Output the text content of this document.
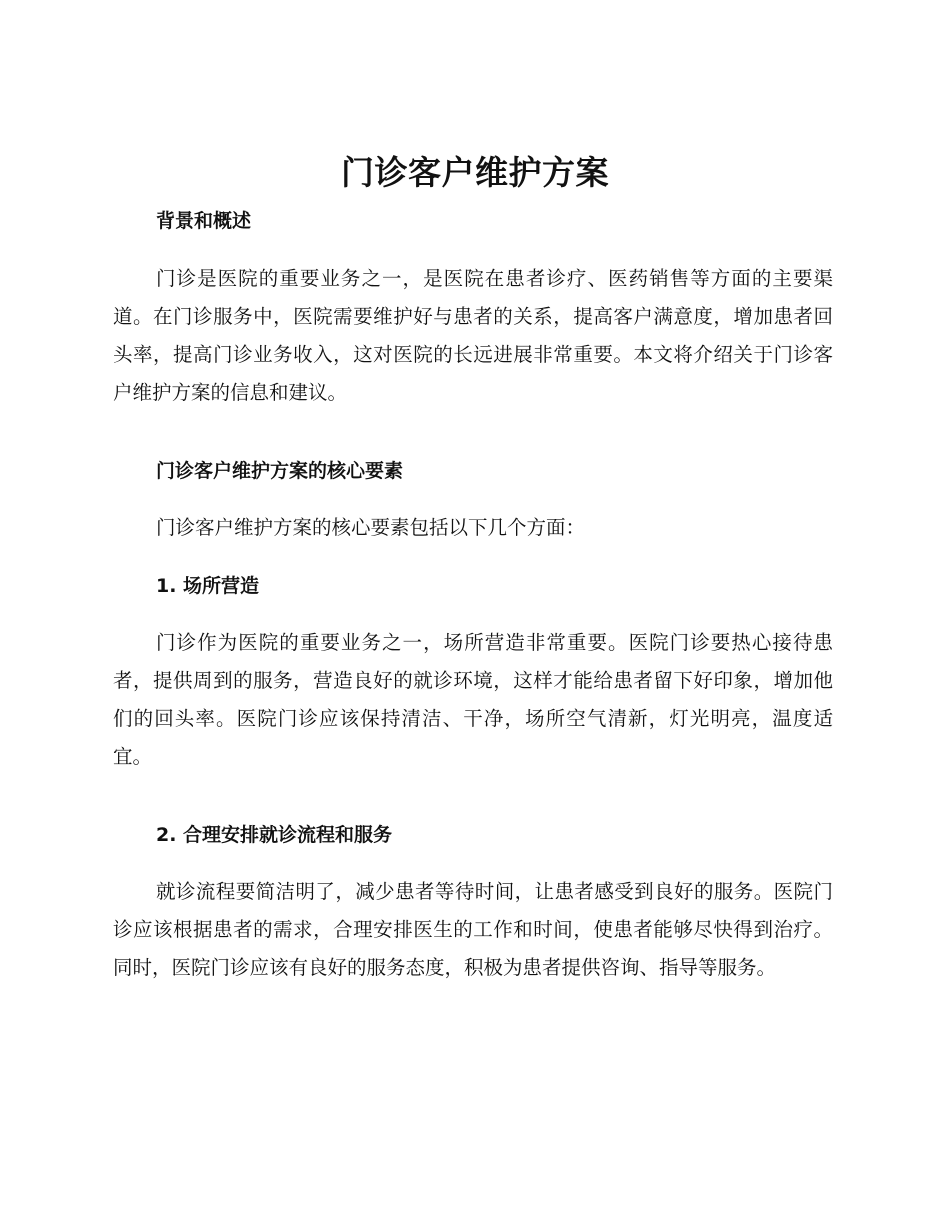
门诊客户维护方案
背景和概述

门诊是医院的重要业务之一，是医院在患者诊疗、医药销售等方面的主要渠道。在门诊服务中，医院需要维护好与患者的关系，提高客户满意度，增加患者回头率，提高门诊业务收入，这对医院的长远进展非常重要。本文将介绍关于门诊客户维护方案的信息和建议。

门诊客户维护方案的核心要素
门诊客户维护方案的核心要素包括以下几个方面：
1. 场所营造

门诊作为医院的重要业务之一，场所营造非常重要。医院门诊要热心接待患者，提供周到的服务，营造良好的就诊环境，这样才能给患者留下好印象，增加他们的回头率。医院门诊应该保持清洁、干净，场所空气清新，灯光明亮，温度适宜。

2. 合理安排就诊流程和服务

就诊流程要简洁明了，减少患者等待时间，让患者感受到良好的服务。医院门诊应该根据患者的需求，合理安排医生的工作和时间，使患者能够尽快得到治疗。同时，医院门诊应该有良好的服务态度，积极为患者提供咨询、指导等服务。
